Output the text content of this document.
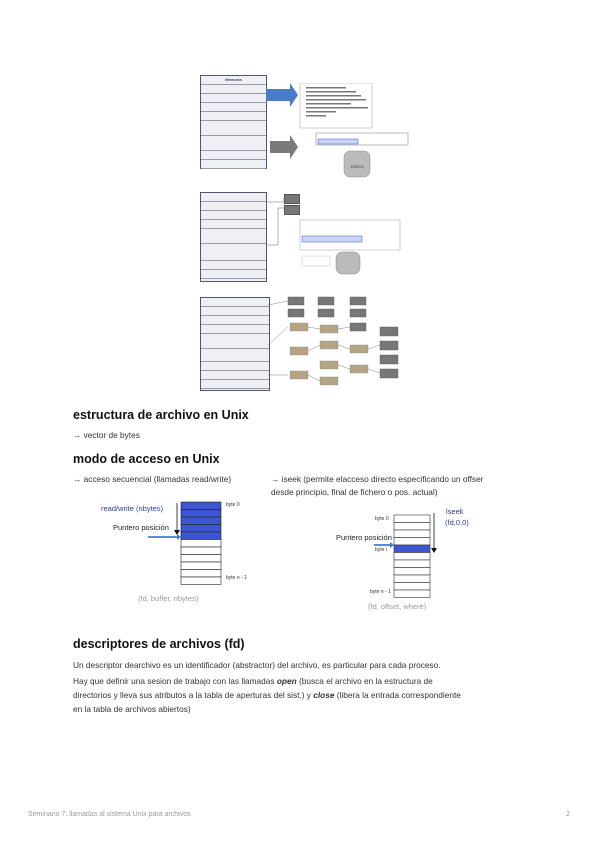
Memoria
DISCO
estructura de archivo en Unix
→ vector de bytes
modo de acceso en Unix
→ acceso secuencial (llamadas read/write)	→ iseek (permite elacceso directo especificando un offser
desde principio, final de fichero o pos. actual)
read/write (nbytes)
Puntero posición
byte 0
byte n - 1
(fd, buffer, nbytes)
lseek
(fd,0,0)
byte 0
Puntero posición
byte i
byte n - 1
(fd, offset, where)
descriptores de archivos (fd)
Un descriptor dearchivo es un identificador (abstractor) del archivo, es particular para cada proceso.
Hay que definir una sesion de trabajo con las llamadas open (busca el archivo en la estructura de
directorios y lleva sus atributos a la tabla de aperturas del sist.) y close (libera la entrada correspondiente
en la tabla de archivos abiertos)
Seminario 7: llamadas al sistema Unix para archivos	2
